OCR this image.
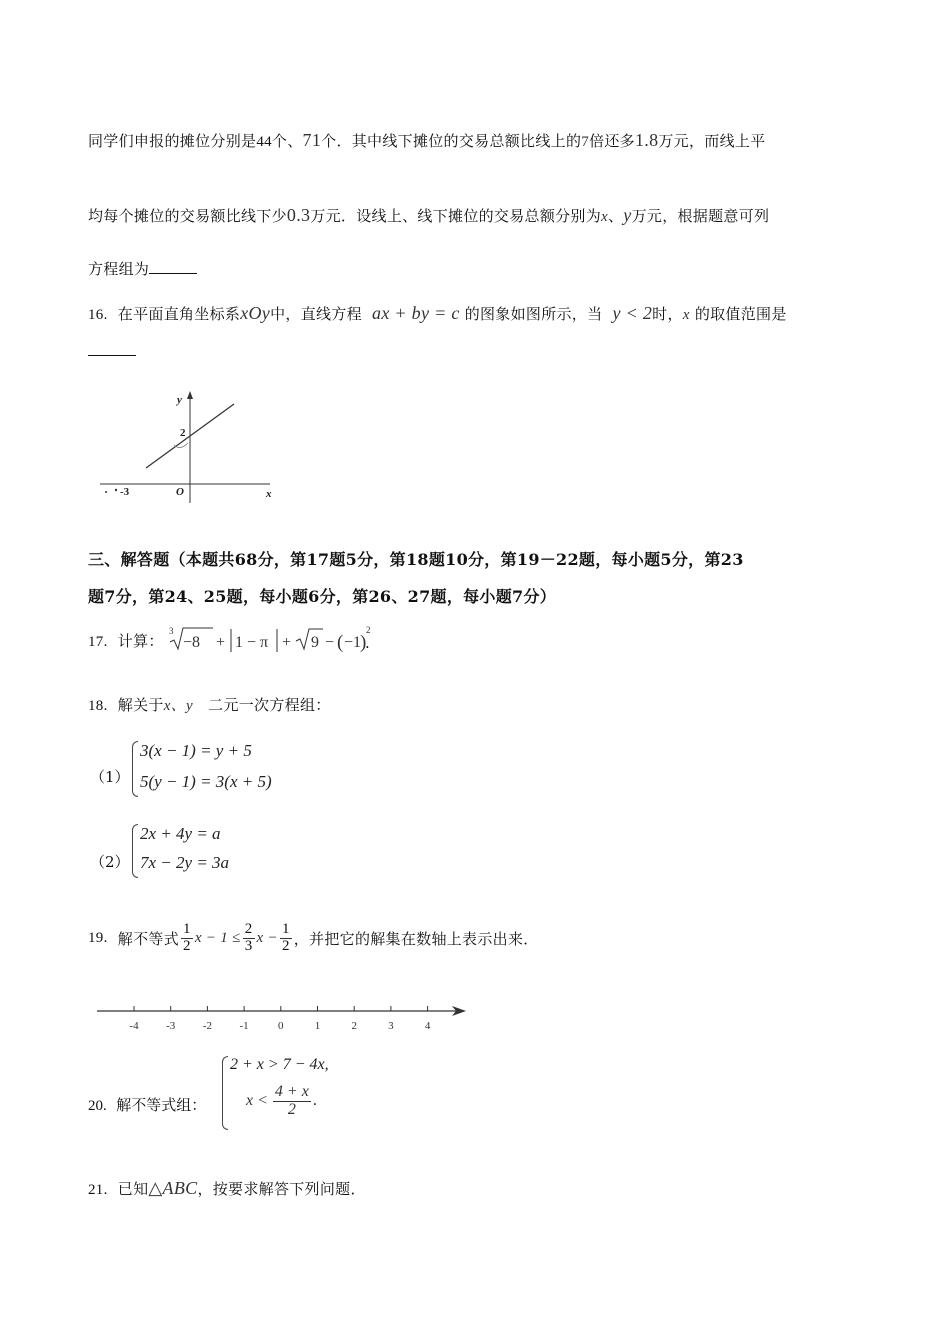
同学们申报的摊位分别是44个、71个．其中线下摊位的交易总额比线上的7倍还多1.8万元，而线上平
均每个摊位的交易额比线下少0.3万元．设线上、线下摊位的交易总额分别为x、y万元，根据题意可列
方程组为
16. 在平面直角坐标系xOy中，直线方程 ax + by = c 的图象如图所示，当 y < 2时，x 的取值范围是
y
x
O
2
-3
三、解答题（本题共68分，第17题5分，第18题10分，第19－22题，每小题5分，第23
题7分，第24、25题，每小题6分，第26、27题，每小题7分）
17. 计算：
3
−8 + 1 − π + 9 − ( −1
)
2
.
18. 解关于x、y 二元一次方程组：
（1）
3(x − 1) = y + 5
5(y − 1) = 3(x + 5)
（2）
2x + 4y = a
7x − 2y = 3a
19.
解不等式 $\frac{1}{2}$ $x - 1 \le \frac{2}{3}$ $x - \frac{1}{2}$ ，并把它的解集在数轴上表示出来．
-4	-3	-2	-1	0	1	2	3	4
20. 解不等式组：
2 + x > 7 − 4x,
$x < \frac{4 + x}{2}$ .
21. 已知△ABC，按要求解答下列问题．
